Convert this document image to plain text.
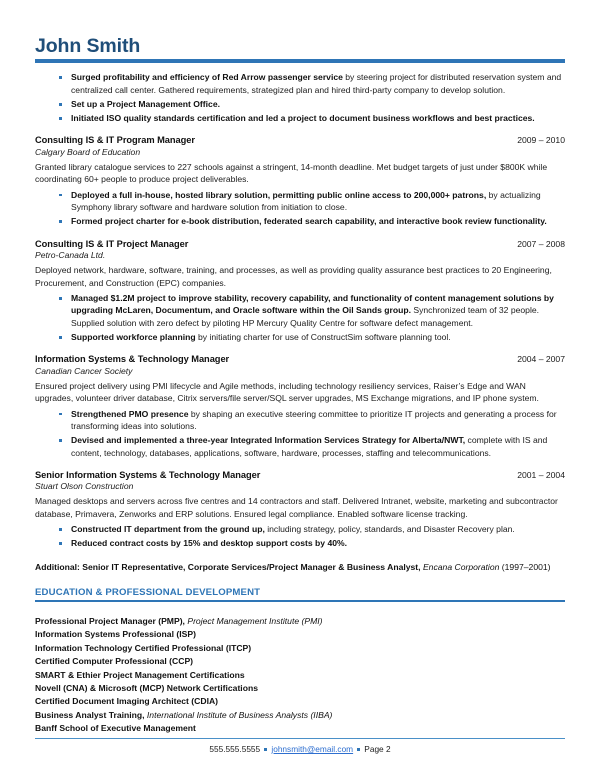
John Smith
Surged profitability and efficiency of Red Arrow passenger service by steering project for distributed reservation system and centralized call center. Gathered requirements, strategized plan and hired third-party company to develop solution.
Set up a Project Management Office.
Initiated ISO quality standards certification and led a project to document business workflows and best practices.
Consulting IS & IT Program Manager	2009 – 2010
Calgary Board of Education
Granted library catalogue services to 227 schools against a stringent, 14-month deadline. Met budget targets of just under $800K while coordinating 60+ people to produce project deliverables.
Deployed a full in-house, hosted library solution, permitting public online access to 200,000+ patrons, by actualizing Symphony library software and hardware solution from initiation to close.
Formed project charter for e-book distribution, federated search capability, and interactive book review functionality.
Consulting IS & IT Project Manager	2007 – 2008
Petro-Canada Ltd.
Deployed network, hardware, software, training, and processes, as well as providing quality assurance best practices to 20 Engineering, Procurement, and Construction (EPC) companies.
Managed $1.2M project to improve stability, recovery capability, and functionality of content management solutions by upgrading McLaren, Documentum, and Oracle software within the Oil Sands group. Synchronized team of 32 people. Supplied solution with zero defect by piloting HP Mercury Quality Centre for software defect management.
Supported workforce planning by initiating charter for use of ConstructSim software planning tool.
Information Systems & Technology Manager	2004 – 2007
Canadian Cancer Society
Ensured project delivery using PMI lifecycle and Agile methods, including technology resiliency services, Raiser’s Edge and WAN upgrades, volunteer driver database, Citrix servers/file server/SQL server upgrades, MS Exchange migrations, and IP phone system.
Strengthened PMO presence by shaping an executive steering committee to prioritize IT projects and generating a process for transforming ideas into solutions.
Devised and implemented a three-year Integrated Information Services Strategy for Alberta/NWT, complete with IS and content, technology, databases, applications, software, hardware, processes, staffing and telecommunications.
Senior Information Systems & Technology Manager	2001 – 2004
Stuart Olson Construction
Managed desktops and servers across five centres and 14 contractors and staff. Delivered Intranet, website, marketing and subcontractor database, Primavera, Zenworks and ERP solutions. Ensured legal compliance. Enabled software license tracking.
Constructed IT department from the ground up, including strategy, policy, standards, and Disaster Recovery plan.
Reduced contract costs by 15% and desktop support costs by 40%.
Additional: Senior IT Representative, Corporate Services/Project Manager & Business Analyst, Encana Corporation (1997–2001)
EDUCATION & PROFESSIONAL DEVELOPMENT
Professional Project Manager (PMP), Project Management Institute (PMI)
Information Systems Professional (ISP)
Information Technology Certified Professional (ITCP)
Certified Computer Professional (CCP)
SMART & Ethier Project Management Certifications
Novell (CNA) & Microsoft (MCP) Network Certifications
Certified Document Imaging Architect (CDIA)
Business Analyst Training, International Institute of Business Analysts (IIBA)
Banff School of Executive Management
555.555.5555 johnsmith@email.com Page 2
